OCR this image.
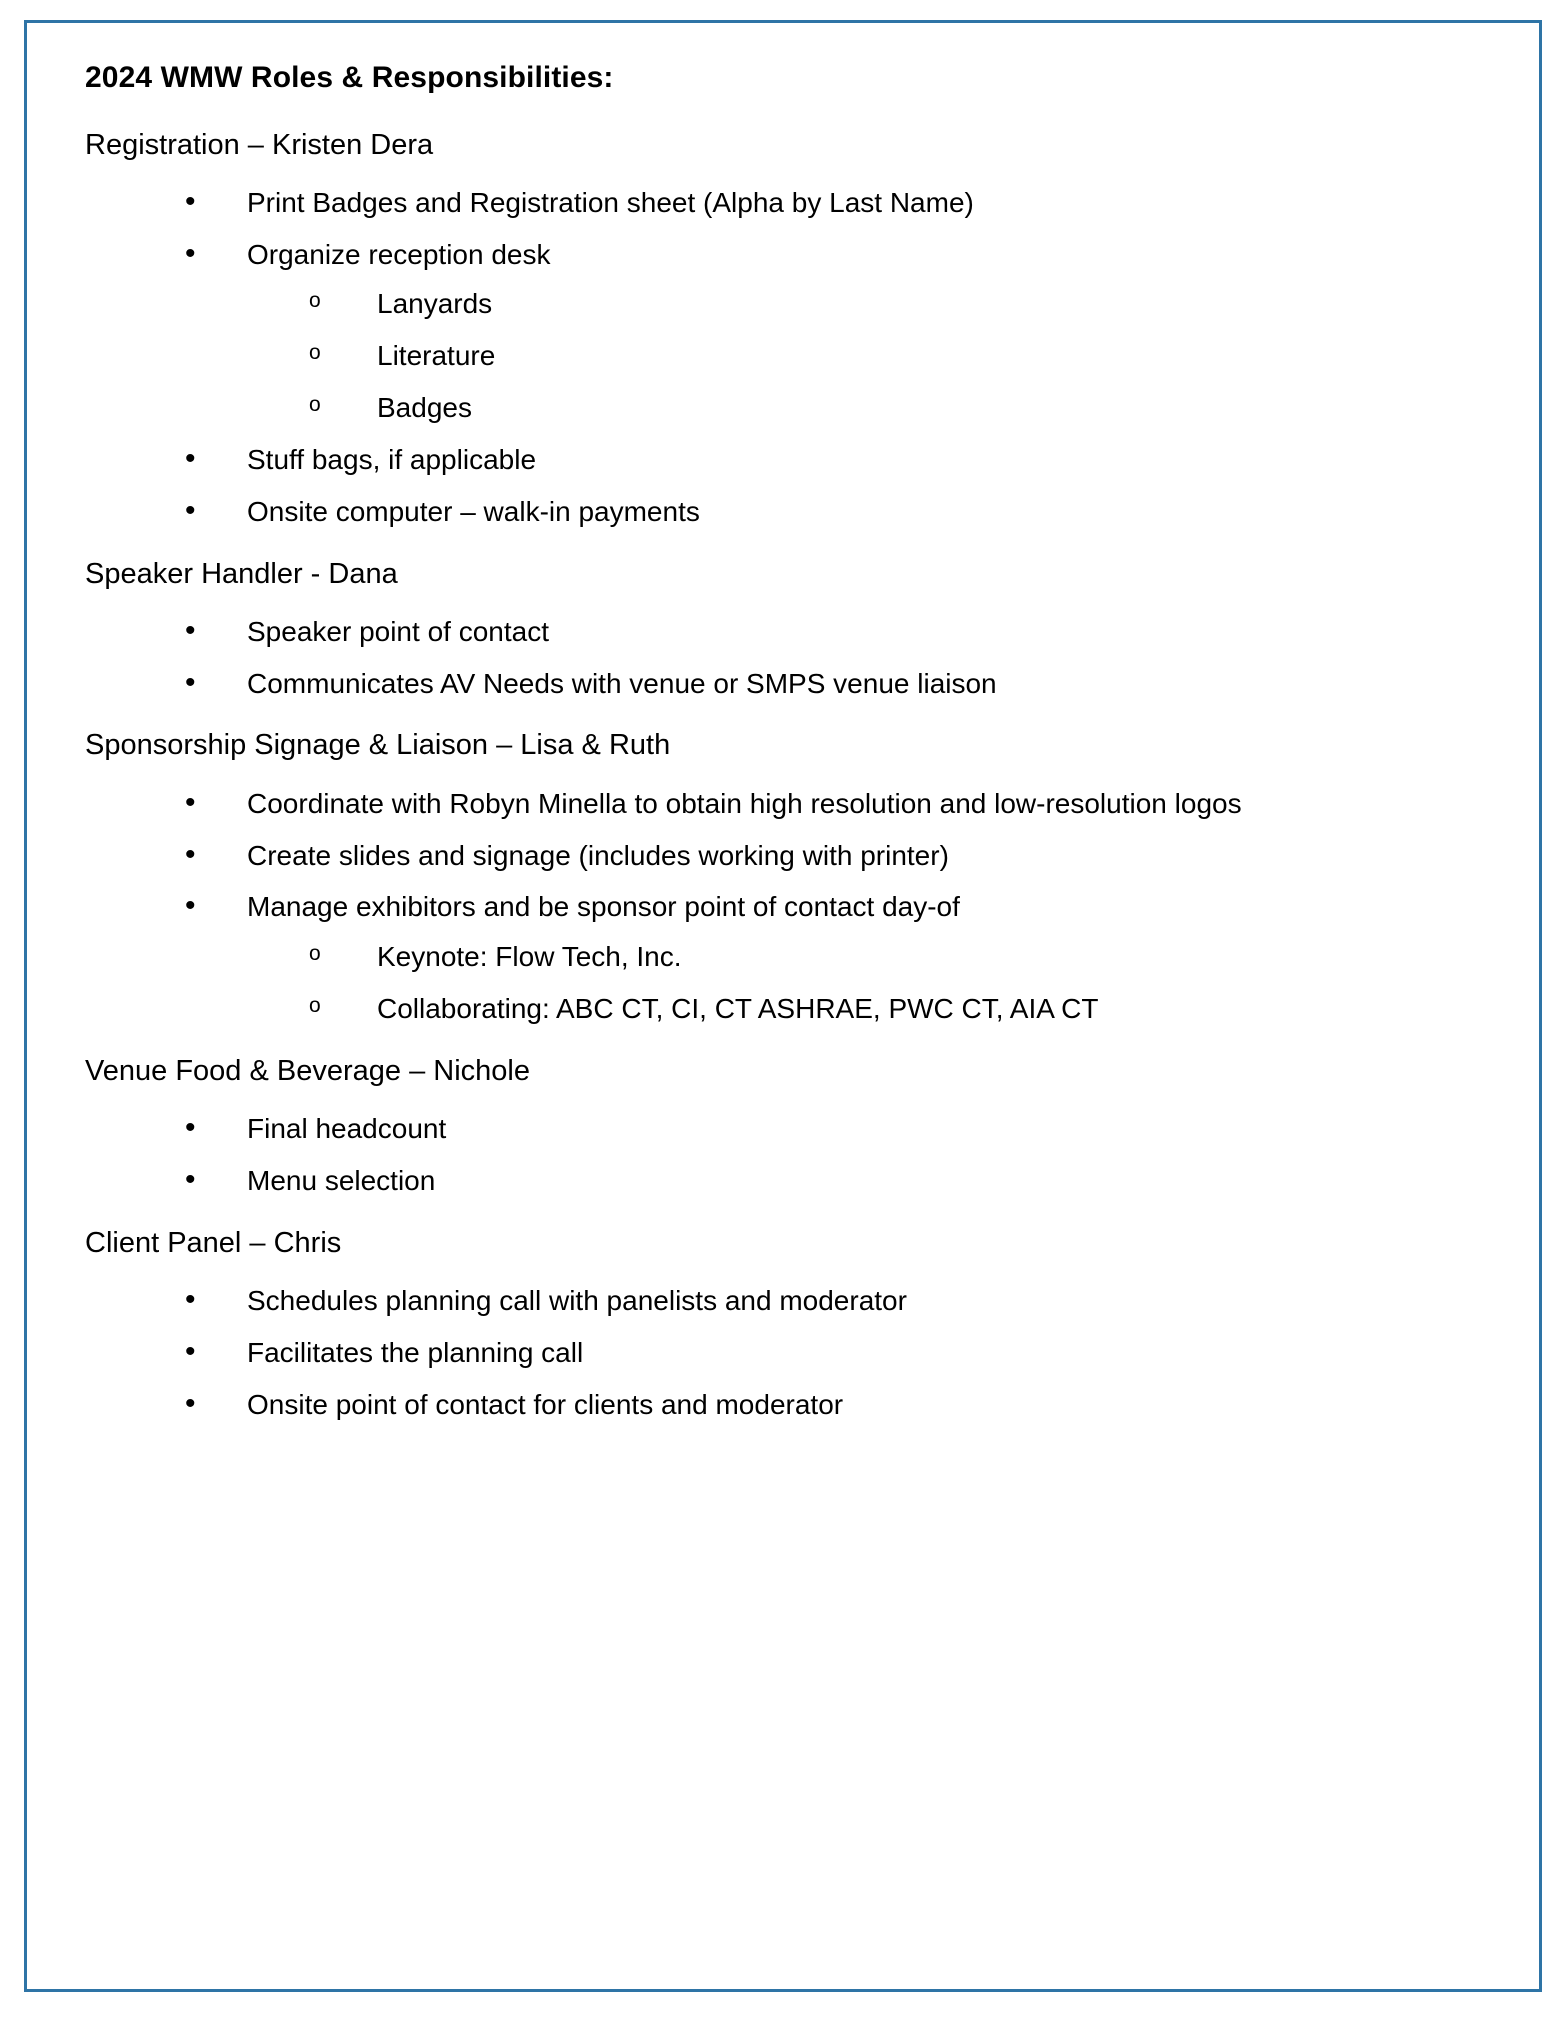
2024 WMW Roles & Responsibilities:
Registration – Kristen Dera
• Print Badges and Registration sheet (Alpha by Last Name)
• Organize reception desk
o Lanyards
o Literature
o Badges
• Stuff bags, if applicable
• Onsite computer – walk-in payments
Speaker Handler - Dana
• Speaker point of contact
• Communicates AV Needs with venue or SMPS venue liaison
Sponsorship Signage & Liaison – Lisa & Ruth
• Coordinate with Robyn Minella to obtain high resolution and low-resolution logos
• Create slides and signage (includes working with printer)
• Manage exhibitors and be sponsor point of contact day-of
o Keynote: Flow Tech, Inc.
o Collaborating: ABC CT, CI, CT ASHRAE, PWC CT, AIA CT
Venue Food & Beverage – Nichole
• Final headcount
• Menu selection
Client Panel – Chris
• Schedules planning call with panelists and moderator
• Facilitates the planning call
• Onsite point of contact for clients and moderator
